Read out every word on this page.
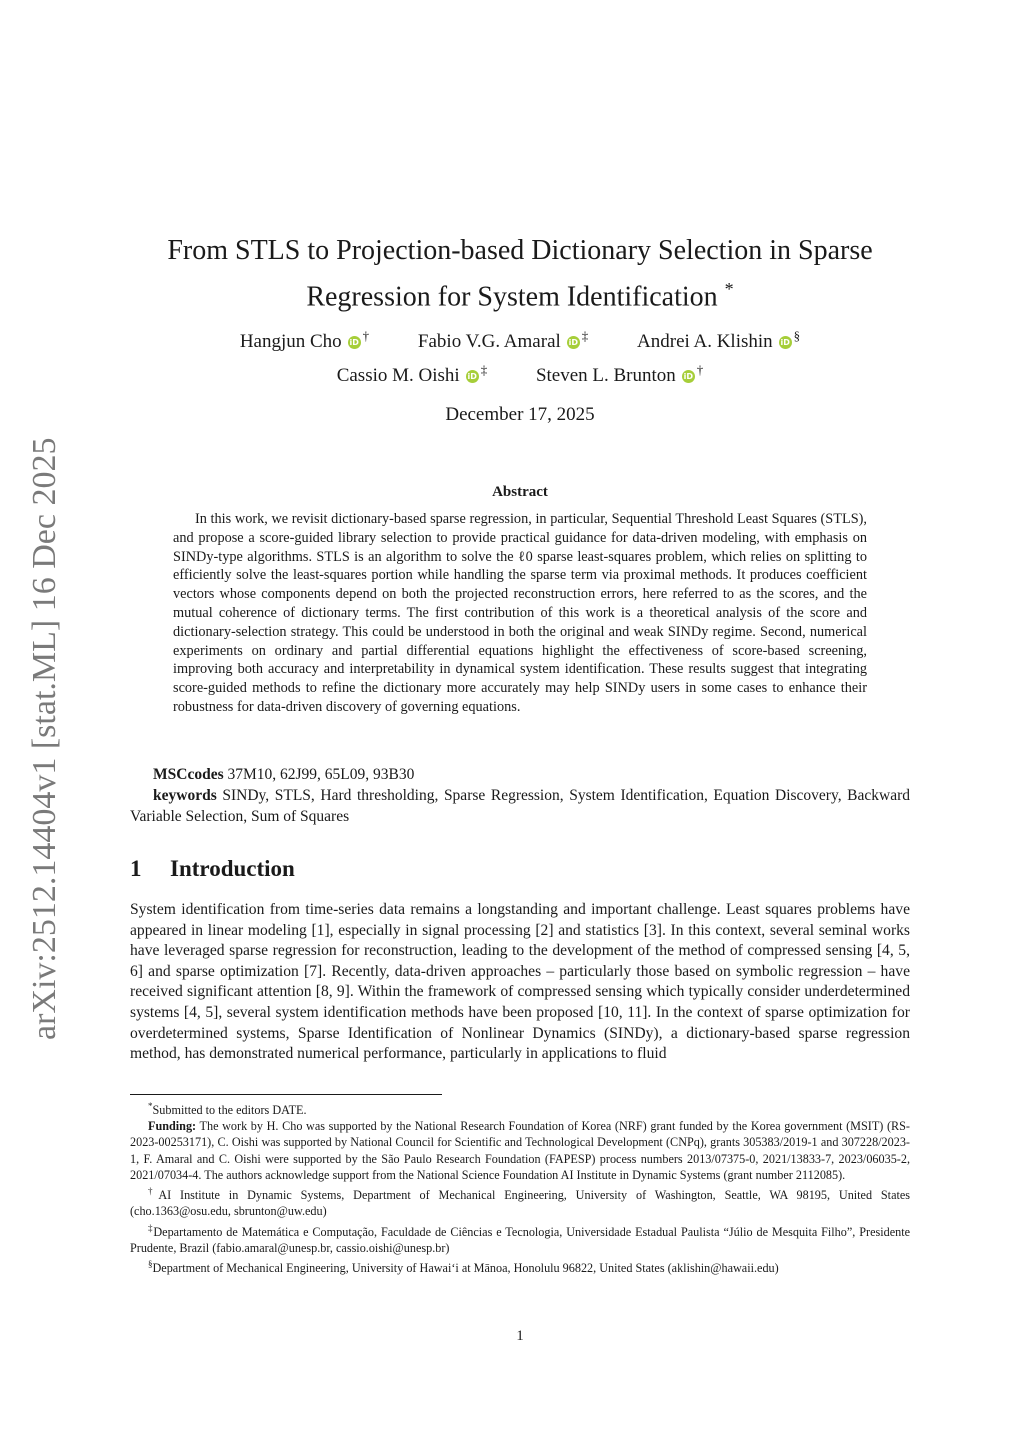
arXiv:2512.14404v1 [stat.ML] 16 Dec 2025
From STLS to Projection-based Dictionary Selection in Sparse Regression for System Identification *
Hangjun Cho iD †	Fabio V.G. Amaral iD ‡	Andrei A. Klishin iD §
Cassio M. Oishi iD ‡	Steven L. Brunton iD †
December 17, 2025
Abstract

In this work, we revisit dictionary-based sparse regression, in particular, Sequential Threshold Least Squares (STLS), and propose a score-guided library selection to provide practical guidance for data-driven modeling, with emphasis on SINDy-type algorithms. STLS is an algorithm to solve the ℓ0 sparse least-squares problem, which relies on splitting to efficiently solve the least-squares portion while handling the sparse term via proximal methods. It produces coefficient vectors whose components depend on both the projected reconstruction errors, here referred to as the scores, and the mutual coherence of dictionary terms. The first contribution of this work is a theoretical analysis of the score and dictionary-selection strategy. This could be understood in both the original and weak SINDy regime. Second, numerical experiments on ordinary and partial differential equations highlight the effectiveness of score-based screening, improving both accuracy and interpretability in dynamical system identification. These results suggest that integrating score-guided methods to refine the dictionary more accurately may help SINDy users in some cases to enhance their robustness for data-driven discovery of governing equations.

MSCcodes 37M10, 62J99, 65L09, 93B30
keywords SINDy, STLS, Hard thresholding, Sparse Regression, System Identification, Equation Discovery, Backward Variable Selection, Sum of Squares
1 Introduction

System identification from time-series data remains a longstanding and important challenge. Least squares problems have appeared in linear modeling [1], especially in signal processing [2] and statistics [3]. In this context, several seminal works have leveraged sparse regression for reconstruction, leading to the development of the method of compressed sensing [4, 5, 6] and sparse optimization [7]. Recently, data-driven approaches – particularly those based on symbolic regression – have received significant attention [8, 9]. Within the framework of compressed sensing which typically consider underdetermined systems [4, 5], several system identification methods have been proposed [10, 11]. In the context of sparse optimization for overdetermined systems, Sparse Identification of Nonlinear Dynamics (SINDy), a dictionary-based sparse regression method, has demonstrated numerical performance, particularly in applications to fluid

*Submitted to the editors DATE.

Funding: The work by H. Cho was supported by the National Research Foundation of Korea (NRF) grant funded by the Korea government (MSIT) (RS-2023-00253171), C. Oishi was supported by National Council for Scientific and Technological Development (CNPq), grants 305383/2019-1 and 307228/2023-1, F. Amaral and C. Oishi were supported by the São Paulo Research Foundation (FAPESP) process numbers 2013/07375-0, 2021/13833-7, 2023/06035-2, 2021/07034-4. The authors acknowledge support from the National Science Foundation AI Institute in Dynamic Systems (grant number 2112085).

†AI Institute in Dynamic Systems, Department of Mechanical Engineering, University of Washington, Seattle, WA 98195, United States (cho.1363@osu.edu, sbrunton@uw.edu)

‡Departamento de Matemática e Computação, Faculdade de Ciências e Tecnologia, Universidade Estadual Paulista “Júlio de Mesquita Filho”, Presidente Prudente, Brazil (fabio.amaral@unesp.br, cassio.oishi@unesp.br)

§Department of Mechanical Engineering, University of Hawai‘i at Mānoa, Honolulu 96822, United States (aklishin@hawaii.edu)

1
